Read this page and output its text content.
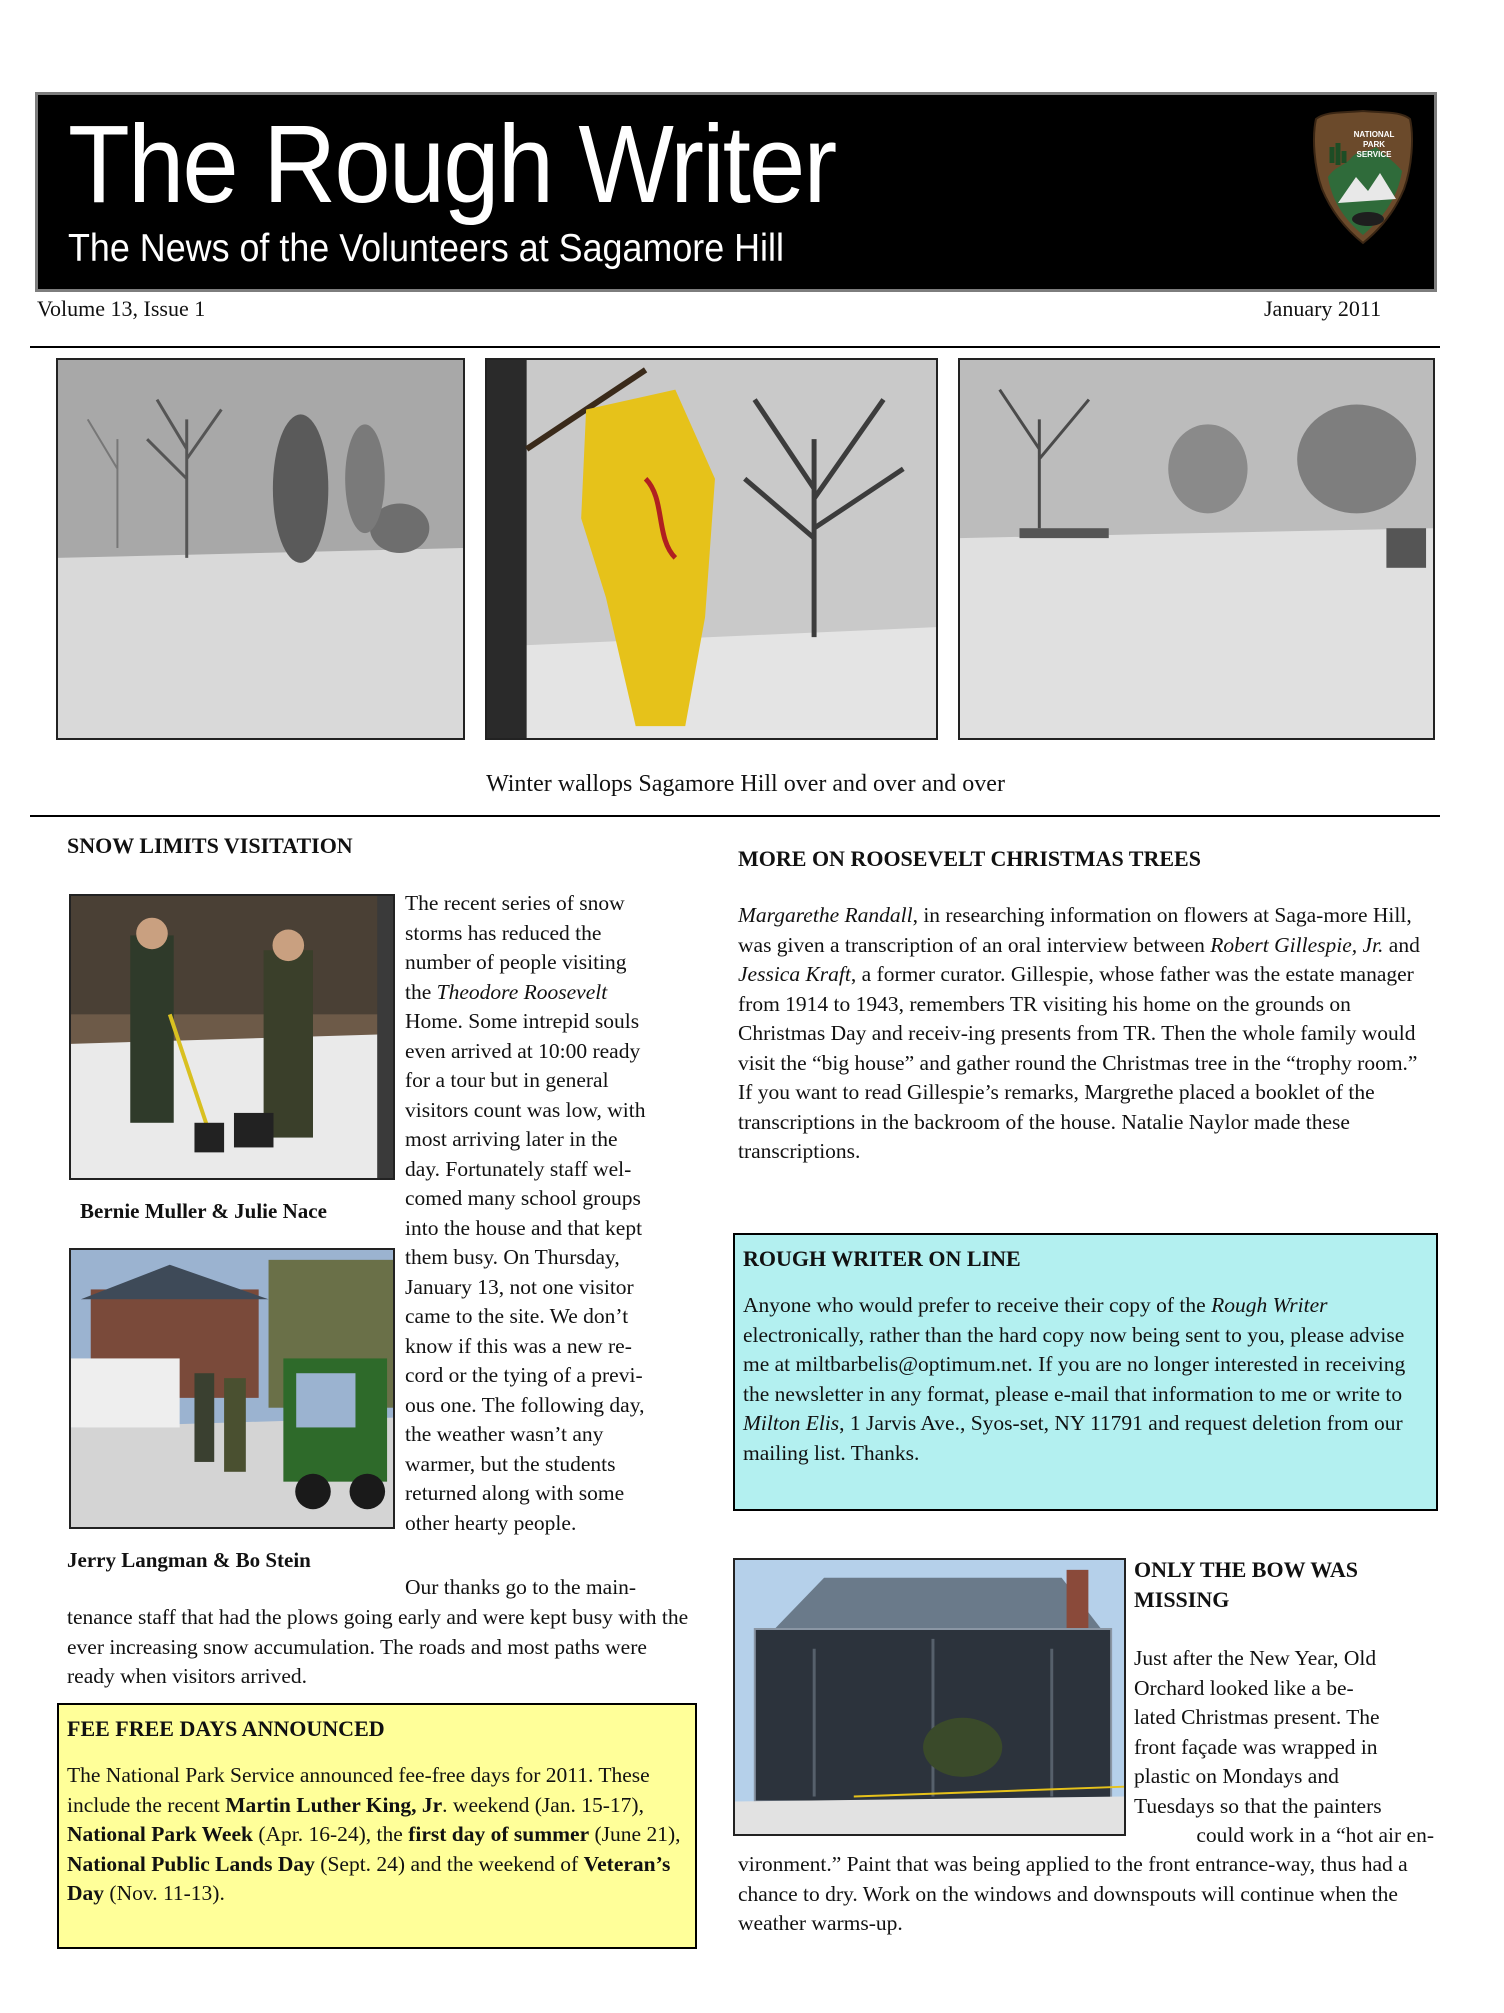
The Rough Writer
The News of the Volunteers at Sagamore Hill
NATIONAL
PARK
SERVICE
Volume 13, Issue 1	January 2011
Winter wallops Sagamore Hill over and over and over
SNOW LIMITS VISITATION
Bernie Muller & Julie Nace
Jerry Langman & Bo Stein
The recent series of snow
storms has reduced the
number of people visiting
the Theodore Roosevelt
Home. Some intrepid souls
even arrived at 10:00 ready
for a tour but in general
visitors count was low, with
most arriving later in the
day. Fortunately staff wel-
comed many school groups
into the house and that kept
them busy. On Thursday,
January 13, not one visitor
came to the site. We don’t
know if this was a new re-
cord or the tying of a previ-
ous one. The following day,
the weather wasn’t any
warmer, but the students
returned along with some
other hearty people.
Our thanks go to the main-
tenance staff that had the plows going early and were kept busy with the ever increasing snow accumulation. The roads and most paths were ready when visitors arrived.

FEE FREE DAYS ANNOUNCED

The National Park Service announced fee-free days for 2011. These include the recent Martin Luther King, Jr. weekend (Jan. 15-17), National Park Week (Apr. 16-24), the first day of summer (June 21), National Public Lands Day (Sept. 24) and the weekend of Veteran’s Day (Nov. 11-13).

MORE ON ROOSEVELT CHRISTMAS TREES
Margarethe Randall, in researching information on flowers at Saga-more Hill, was given a transcription of an oral interview between Robert Gillespie, Jr. and Jessica Kraft, a former curator. Gillespie, whose father was the estate manager from 1914 to 1943, remembers TR visiting his home on the grounds on Christmas Day and receiv-ing presents from TR. Then the whole family would visit the “big house” and gather round the Christmas tree in the “trophy room.” If you want to read Gillespie’s remarks, Margrethe placed a booklet of the transcriptions in the backroom of the house. Natalie Naylor made these transcriptions.

ROUGH WRITER ON LINE

Anyone who would prefer to receive their copy of the Rough Writer electronically, rather than the hard copy now being sent to you, please advise me at miltbarbelis@optimum.net. If you are no longer interested in receiving the newsletter in any format, please e-mail that information to me or write to Milton Elis, 1 Jarvis Ave., Syos-set, NY 11791 and request deletion from our mailing list. Thanks.

ONLY THE BOW WAS
MISSING
Just after the New Year, Old
Orchard looked like a be-
lated Christmas present. The
front façade was wrapped in
plastic on Mondays and
Tuesdays so that the painters
could work in a “hot air en-
vironment.” Paint that was being applied to the front entrance-way, thus had a chance to dry. Work on the windows and downspouts will continue when the weather warms-up.
